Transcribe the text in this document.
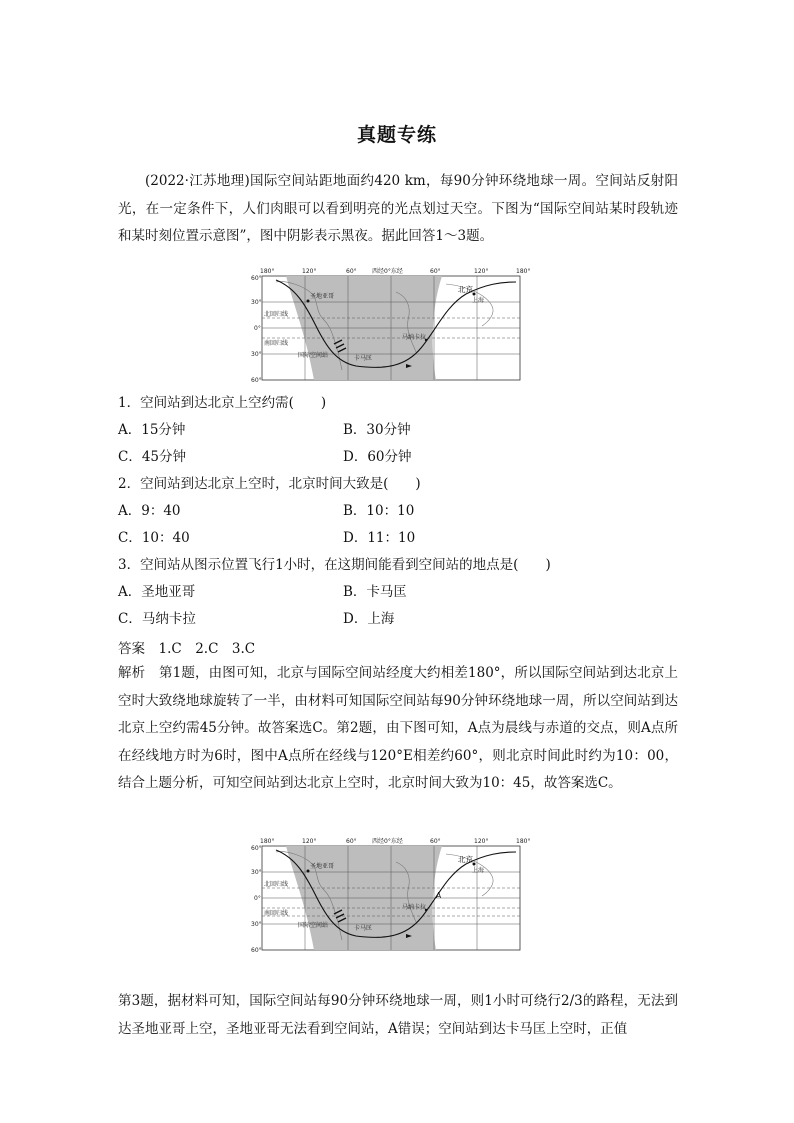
真题专练
(2022·江苏地理)国际空间站距地面约420 km，每90分钟环绕地球一周。空间站反射阳光，在一定条件下，人们肉眼可以看到明亮的光点划过天空。下图为“国际空间站某时段轨迹和某时刻位置示意图”，图中阴影表示黑夜。据此回答1～3题。
180°	120°	60°	西经0°东经	60°	120°	180°
60°
30°
0°
30°
60°
北回归线
南回归线
圣地亚哥
北京
上海
马纳卡拉
卡马匡
国际空间站
1．空间站到达北京上空约需(　　)
A．15分钟	B．30分钟
C．45分钟	D．60分钟
2．空间站到达北京上空时，北京时间大致是(　　)
A．9：40	B．10：10
C．10：40	D．11：10
3．空间站从图示位置飞行1小时，在这期间能看到空间站的地点是(　　)
A．圣地亚哥	B．卡马匡
C．马纳卡拉	D．上海
答案　1.C　2.C　3.C
解析　第1题，由图可知，北京与国际空间站经度大约相差180°，所以国际空间站到达北京上空时大致绕地球旋转了一半，由材料可知国际空间站每90分钟环绕地球一周，所以空间站到达北京上空约需45分钟。故答案选C。第2题，由下图可知，A点为晨线与赤道的交点，则A点所在经线地方时为6时，图中A点所在经线与120°E相差约60°，则北京时间此时约为10：00，结合上题分析，可知空间站到达北京上空时，北京时间大致为10：45，故答案选C。
180°	120°	60°	西经0°东经	60°	120°	180°
60°
30°
0°
30°
60°
北回归线
南回归线
圣地亚哥
北京
上海
马纳卡拉
卡马匡
国际空间站
A
第3题，据材料可知，国际空间站每90分钟环绕地球一周，则1小时可绕行2/3的路程，无法到达圣地亚哥上空，圣地亚哥无法看到空间站，A错误；空间站到达卡马匡上空时，正值
